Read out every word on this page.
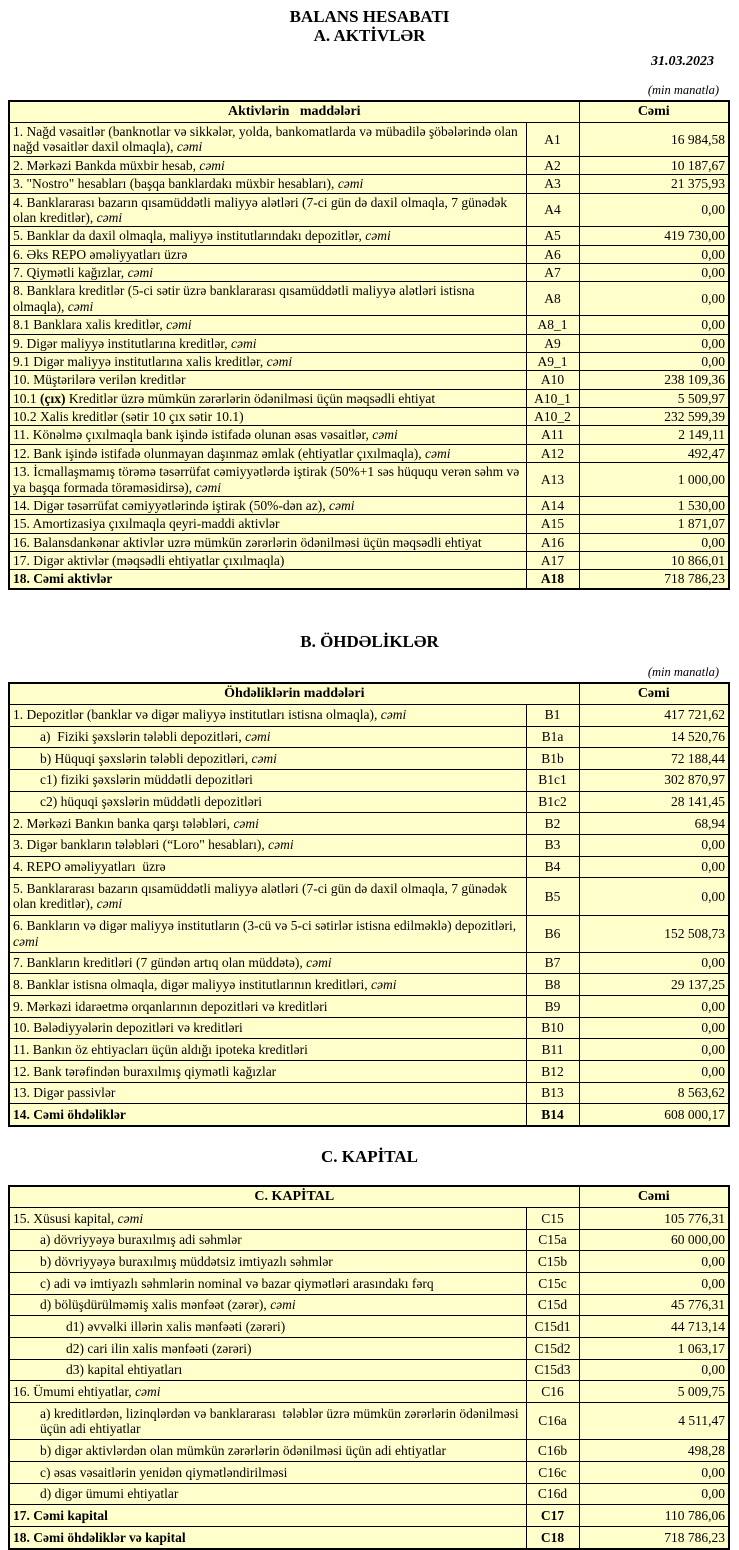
BALANS HESABATI
A. AKTİVLƏR
31.03.2023
(min manatla)
Aktivlərin   maddələri		Cəmi
1. Nağd vəsaitlər (banknotlar və sikkələr, yolda, bankomatlarda və mübadilə şöbələrində olan nağd vəsaitlər daxil olmaqla), cəmi	A1	16 984,58
2. Mərkəzi Bankda müxbir hesab, cəmi	A2	10 187,67
3. "Nostro" hesabları (başqa banklardakı müxbir hesabları), cəmi	A3	21 375,93
4. Banklararası bazarın qısamüddətli maliyyə alətləri (7-ci gün də daxil olmaqla, 7 günədək olan kreditlər), cəmi	A4	0,00
5. Banklar da daxil olmaqla, maliyyə institutlarındakı depozitlər, cəmi	A5	419 730,00
6. Əks REPO əməliyyatları üzrə	A6	0,00
7. Qiymətli kağızlar, cəmi	A7	0,00
8. Banklara kreditlər (5-ci sətir üzrə banklararası qısamüddətli maliyyə alətləri istisna olmaqla), cəmi	A8	0,00
8.1 Banklara xalis kreditlər, cəmi	A8_1	0,00
9. Digər maliyyə institutlarına kreditlər, cəmi	A9	0,00
9.1 Digər maliyyə institutlarına xalis kreditlər, cəmi	A9_1	0,00
10. Müştərilərə verilən kreditlər	A10	238 109,36
10.1 (çıx) Kreditlər üzrə mümkün zərərlərin ödənilməsi üçün məqsədli ehtiyat	A10_1	5 509,97
10.2 Xalis kreditlər (sətir 10 çıx sətir 10.1)	A10_2	232 599,39
11. Könəlmə çıxılmaqla bank işində istifadə olunan əsas vəsaitlər, cəmi	A11	2 149,11
12. Bank işində istifadə olunmayan daşınmaz əmlak (ehtiyatlar çıxılmaqla), cəmi	A12	492,47
13. İcmallaşmamış törəmə təsərrüfat cəmiyyətlərdə iştirak (50%+1 səs hüququ verən səhm və ya başqa formada törəməsidirsə), cəmi	A13	1 000,00
14. Digər təsərrüfat cəmiyyətlərində iştirak (50%-dən az), cəmi	A14	1 530,00
15. Amortizasiya çıxılmaqla qeyri-maddi aktivlər	A15	1 871,07
16. Balansdankənar aktivlər uzrə mümkün zərərlərin ödənilməsi üçün məqsədli ehtiyat	A16	0,00
17. Digər aktivlər (məqsədli ehtiyatlar çıxılmaqla)	A17	10 866,01
18. Cəmi aktivlər	A18	718 786,23
B. ÖHDƏLİKLƏR
(min manatla)
Öhdəliklərin maddələri		Cəmi
1. Depozitlər (banklar və digər maliyyə institutları istisna olmaqla), cəmi	B1	417 721,62
a)  Fiziki şəxslərin tələbli depozitləri, cəmi	B1a	14 520,76
b) Hüquqi şəxslərin tələbli depozitləri, cəmi	B1b	72 188,44
c1) fiziki şəxslərin müddətli depozitləri	B1c1	302 870,97
c2) hüquqi şəxslərin müddətli depozitləri	B1c2	28 141,45
2. Mərkəzi Bankın banka qarşı tələbləri, cəmi	B2	68,94
3. Digər bankların tələbləri (“Loro" hesabları), cəmi	B3	0,00
4. REPO əməliyyatları  üzrə	B4	0,00
5. Banklararası bazarın qısamüddətli maliyyə alətləri (7-ci gün də daxil olmaqla, 7 günədək olan kreditlər), cəmi	B5	0,00
6. Bankların və digər maliyyə institutların (3-cü və 5-ci sətirlər istisna edilməklə) depozitləri, cəmi	B6	152 508,73
7. Bankların kreditləri (7 gündən artıq olan müddətə), cəmi	B7	0,00
8. Banklar istisna olmaqla, digər maliyyə institutlarının kreditləri, cəmi	B8	29 137,25
9. Mərkəzi idarəetmə orqanlarının depozitləri və kreditləri	B9	0,00
10. Bələdiyyələrin depozitləri və kreditləri	B10	0,00
11. Bankın öz ehtiyacları üçün aldığı ipoteka kreditləri	B11	0,00
12. Bank tərəfindən buraxılmış qiymətli kağızlar	B12	0,00
13. Digər passivlər	B13	8 563,62
14. Cəmi öhdəliklər	B14	608 000,17
C. KAPİTAL
C. KAPİTAL		Cəmi
15. Xüsusi kapital, cəmi	C15	105 776,31
a) dövriyyəyə buraxılmış adi səhmlər	C15a	60 000,00
b) dövriyyəyə buraxılmış müddətsiz imtiyazlı səhmlər	C15b	0,00
c) adi və imtiyazlı səhmlərin nominal və bazar qiymətləri arasındakı fərq	C15c	0,00
d) bölüşdürülməmiş xalis mənfəət (zərər), cəmi	C15d	45 776,31
d1) əvvəlki illərin xalis mənfəəti (zərəri)	C15d1	44 713,14
d2) cari ilin xalis mənfəəti (zərəri)	C15d2	1 063,17
d3) kapital ehtiyatları	C15d3	0,00
16. Ümumi ehtiyatlar, cəmi	C16	5 009,75
a) kreditlərdən, lizinqlərdən və banklararası  tələblər üzrə mümkün zərərlərin ödənilməsi üçün adi ehtiyatlar	C16a	4 511,47
b) digər aktivlərdən olan mümkün zərərlərin ödənilməsi üçün adi ehtiyatlar	C16b	498,28
c) əsas vəsaitlərin yenidən qiymətləndirilməsi	C16c	0,00
d) digər ümumi ehtiyatlar	C16d	0,00
17. Cəmi kapital	C17	110 786,06
18. Cəmi öhdəliklər və kapital	C18	718 786,23
